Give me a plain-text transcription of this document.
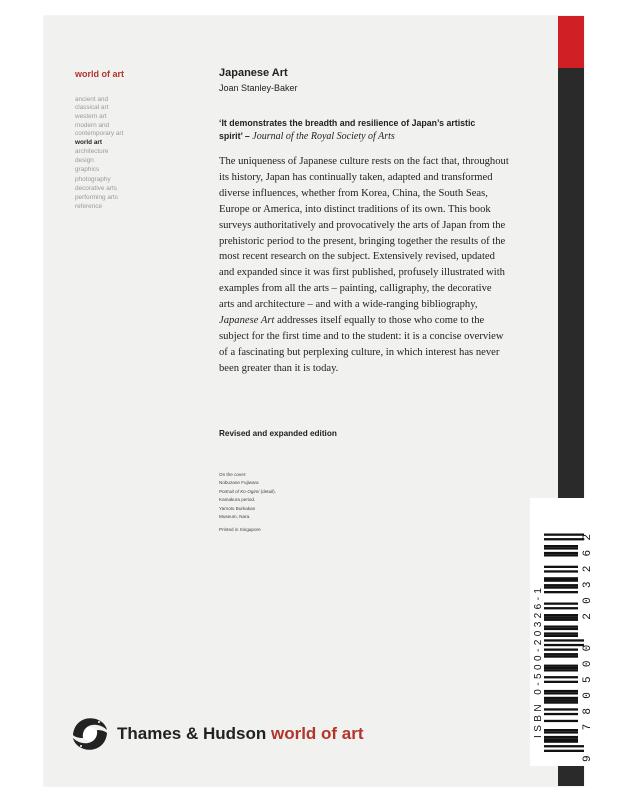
world of art
ancient and
classical art
western art
modern and
contemporary art
world art
architecture
design
graphics
photography
decorative arts
performing arts
reference
Japanese Art
Joan Stanley-Baker
‘It demonstrates the breadth and resilience of Japan’s artistic spirit’ – Journal of the Royal Society of Arts

The uniqueness of Japanese culture rests on the fact that, throughout its history, Japan has continually taken, adapted and transformed diverse influences, whether from Korea, China, the South Seas, Europe or America, into distinct traditions of its own. This book surveys authoritatively and provocatively the arts of Japan from the prehistoric period to the present, bringing together the results of the most recent research on the subject. Extensively revised, updated and expanded since it was first published, profusely illustrated with examples from all the arts – painting, calligraphy, the decorative arts and architecture – and with a wide-ranging bibliography, Japanese Art addresses itself equally to those who come to the subject for the first time and to the student: it is a concise overview of a fascinating but perplexing culture, in which interest has never been greater than it is today.

Revised and expanded edition
On the cover:
Nobuzane Fujiwara
Portrait of Ko-Ogimi (detail).
Kamakura period.
Yamoto Burkakan
Museum, Nara.
Printed in Singapore
Thames & Hudson world of art	ISBN 0-500-20326-1
9 780500 203262
